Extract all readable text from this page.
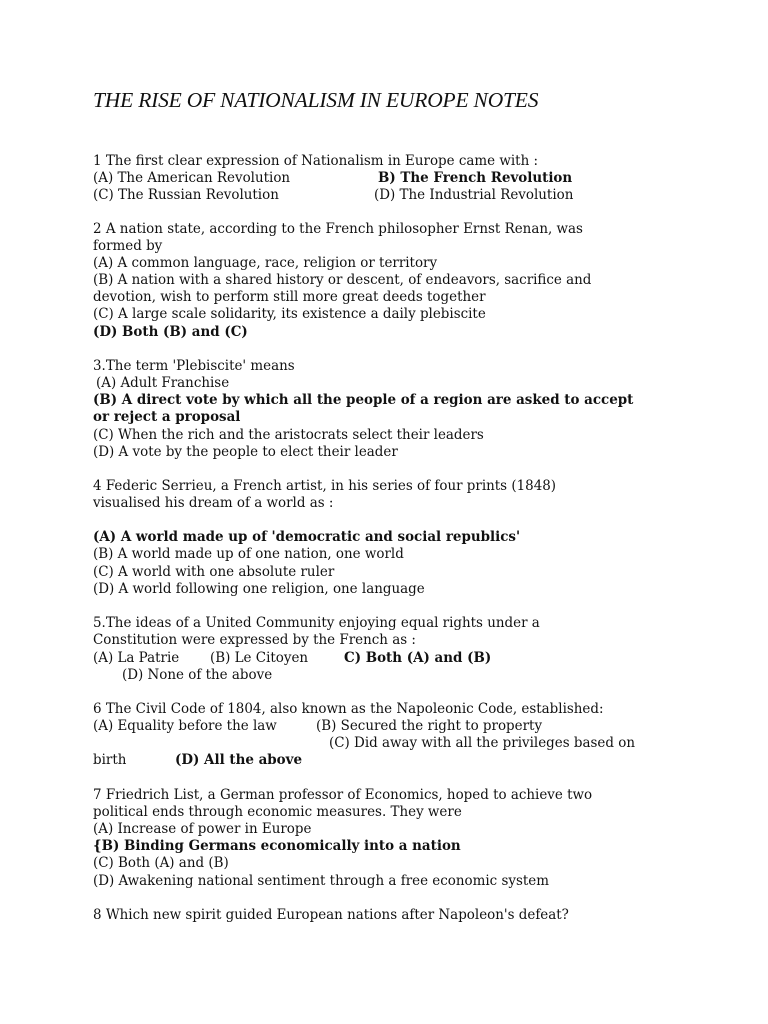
THE RISE OF NATIONALISM IN EUROPE NOTES
1 The first clear expression of Nationalism in Europe came with :
(A) The American Revolution	B) The French Revolution
(C) The Russian Revolution	(D) The Industrial Revolution
2 A nation state, according to the French philosopher Ernst Renan, was
formed by
(A) A common language, race, religion or territory
(B) A nation with a shared history or descent, of endeavors, sacrifice and
devotion, wish to perform still more great deeds together
(C) A large scale solidarity, its existence a daily plebiscite
(D) Both (B) and (C)
3.The term 'Plebiscite' means
(A) Adult Franchise
(B) A direct vote by which all the people of a region are asked to accept
or reject a proposal
(C) When the rich and the aristocrats select their leaders
(D) A vote by the people to elect their leader
4 Federic Serrieu, a French artist, in his series of four prints (1848)
visualised his dream of a world as :
(A) A world made up of 'democratic and social republics'
(B) A world made up of one nation, one world
(C) A world with one absolute ruler
(D) A world following one religion, one language
5.The ideas of a United Community enjoying equal rights under a
Constitution were expressed by the French as :
(A) La Patrie (B) Le Citoyen	C) Both (A) and (B)
(D) None of the above
6 The Civil Code of 1804, also known as the Napoleonic Code, established:
(A) Equality before the law	(B) Secured the right to property
(C) Did away with all the privileges based on
birth	(D) All the above
7 Friedrich List, a German professor of Economics, hoped to achieve two
political ends through economic measures. They were
(A) Increase of power in Europe
{B) Binding Germans economically into a nation
(C) Both (A) and (B)
(D) Awakening national sentiment through a free economic system
8 Which new spirit guided European nations after Napoleon's defeat?
